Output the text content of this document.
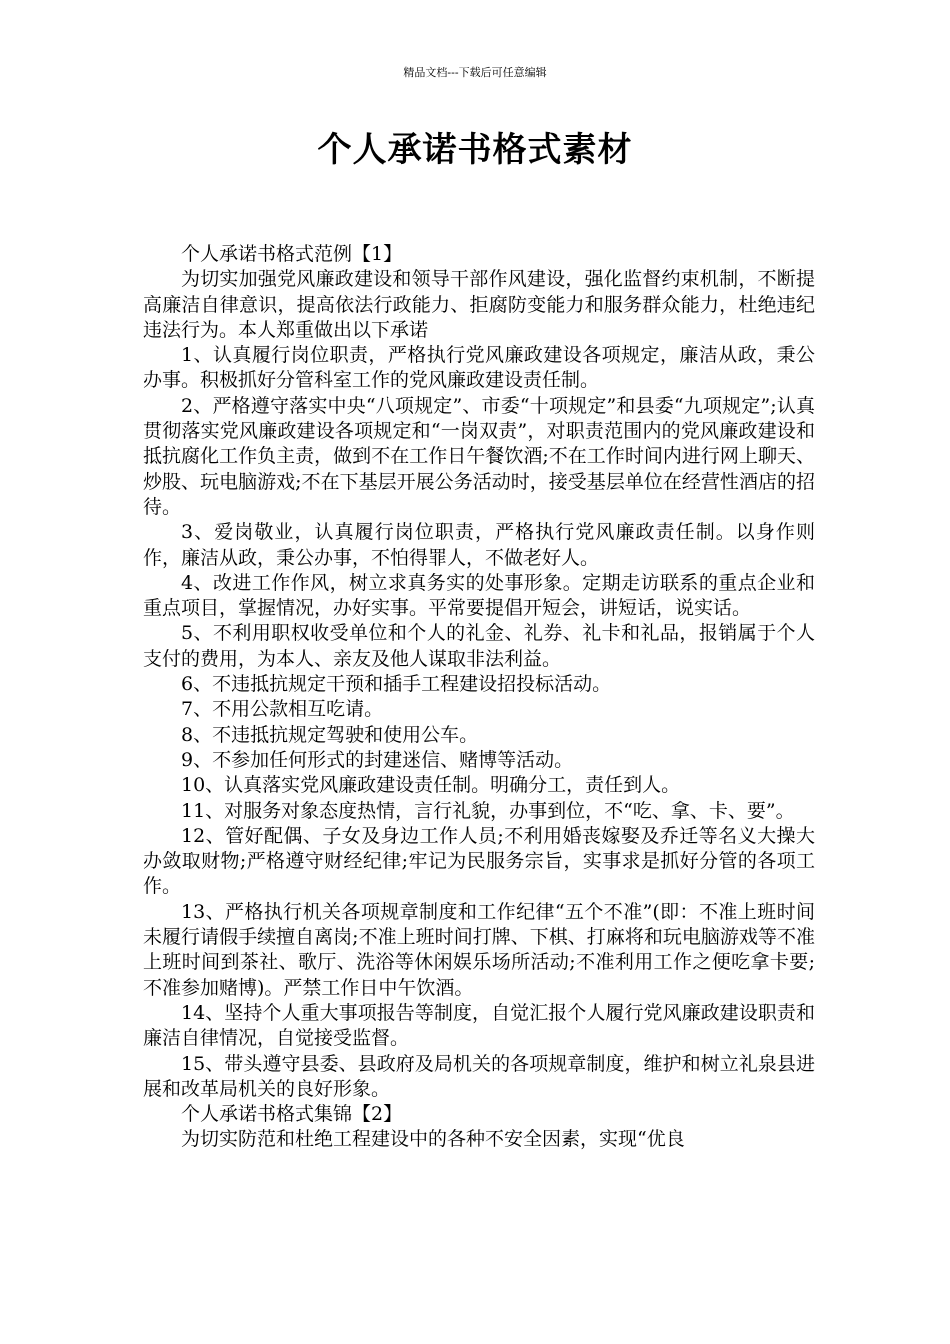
精品文档---下载后可任意编辑
个人承诺书格式素材

个人承诺书格式范例【1】

为切实加强党风廉政建设和领导干部作风建设，强化监督约束机制，不断提高廉洁自律意识，提高依法行政能力、拒腐防变能力和服务群众能力，杜绝违纪违法行为。本人郑重做出以下承诺

1、认真履行岗位职责，严格执行党风廉政建设各项规定，廉洁从政，秉公办事。积极抓好分管科室工作的党风廉政建设责任制。

2、严格遵守落实中央“八项规定”、市委“十项规定”和县委“九项规定”;认真贯彻落实党风廉政建设各项规定和“一岗双责”，对职责范围内的党风廉政建设和抵抗腐化工作负主责，做到不在工作日午餐饮酒;不在工作时间内进行网上聊天、炒股、玩电脑游戏;不在下基层开展公务活动时，接受基层单位在经营性酒店的招待。

3、爱岗敬业，认真履行岗位职责，严格执行党风廉政责任制。以身作则作，廉洁从政，秉公办事，不怕得罪人，不做老好人。

4、改进工作作风，树立求真务实的处事形象。定期走访联系的重点企业和重点项目，掌握情况，办好实事。平常要提倡开短会，讲短话，说实话。

5、不利用职权收受单位和个人的礼金、礼券、礼卡和礼品，报销属于个人支付的费用，为本人、亲友及他人谋取非法利益。

6、不违抵抗规定干预和插手工程建设招投标活动。

7、不用公款相互吃请。

8、不违抵抗规定驾驶和使用公车。

9、不参加任何形式的封建迷信、赌博等活动。

10、认真落实党风廉政建设责任制。明确分工，责任到人。

11、对服务对象态度热情，言行礼貌，办事到位，不“吃、拿、卡、要”。

12、管好配偶、子女及身边工作人员;不利用婚丧嫁娶及乔迁等名义大操大办敛取财物;严格遵守财经纪律;牢记为民服务宗旨，实事求是抓好分管的各项工作。

13、严格执行机关各项规章制度和工作纪律“五个不准”(即：不准上班时间未履行请假手续擅自离岗;不准上班时间打牌、下棋、打麻将和玩电脑游戏等不准上班时间到茶社、歌厅、洗浴等休闲娱乐场所活动;不准利用工作之便吃拿卡要;不准参加赌博)。严禁工作日中午饮酒。

14、坚持个人重大事项报告等制度，自觉汇报个人履行党风廉政建设职责和廉洁自律情况，自觉接受监督。

15、带头遵守县委、县政府及局机关的各项规章制度，维护和树立礼泉县进展和改革局机关的良好形象。

个人承诺书格式集锦【2】

为切实防范和杜绝工程建设中的各种不安全因素，实现“优良
